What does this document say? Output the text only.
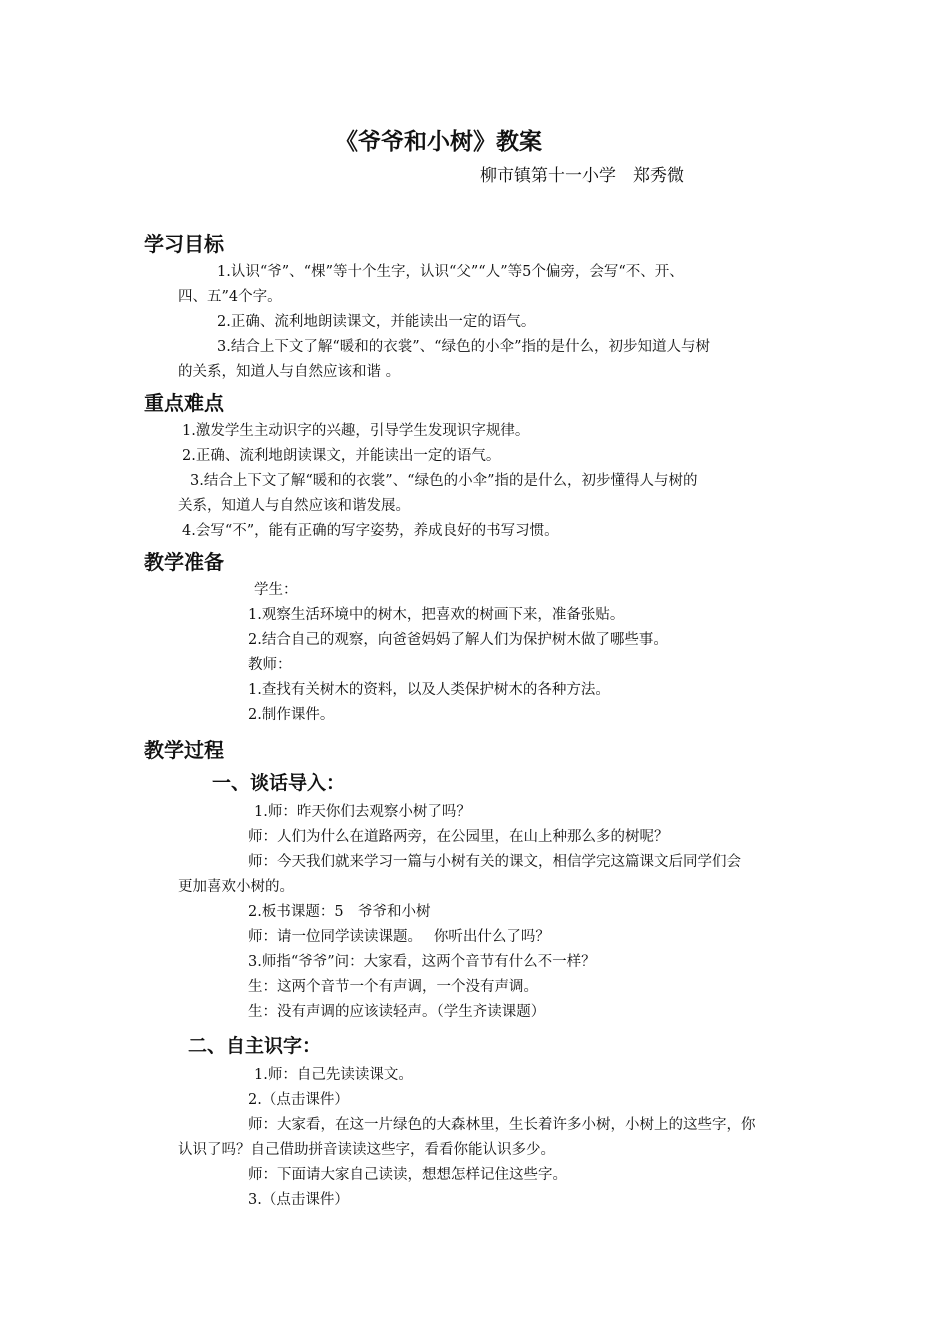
《爷爷和小树》教案
柳市镇第十一小学　郑秀微
学习目标
1.认识“爷”、“棵”等十个生字，认识“父”“人”等5个偏旁，会写“不、开、
四、五”4个字。
2.正确、流利地朗读课文，并能读出一定的语气。
3.结合上下文了解“暖和的衣裳”、“绿色的小伞”指的是什么，初步知道人与树
的关系，知道人与自然应该和谐 。
重点难点
1.激发学生主动识字的兴趣，引导学生发现识字规律。
2.正确、流利地朗读课文，并能读出一定的语气。
3.结合上下文了解“暖和的衣裳”、“绿色的小伞”指的是什么，初步懂得人与树的
关系，知道人与自然应该和谐发展。
4.会写“不”，能有正确的写字姿势，养成良好的书写习惯。
教学准备
学生：
1.观察生活环境中的树木，把喜欢的树画下来，准备张贴。
2.结合自己的观察，向爸爸妈妈了解人们为保护树木做了哪些事。
教师：
1.查找有关树木的资料，以及人类保护树木的各种方法。
2.制作课件。
教学过程
一、谈话导入：
1.师：昨天你们去观察小树了吗？
师：人们为什么在道路两旁，在公园里，在山上种那么多的树呢？
师：今天我们就来学习一篇与小树有关的课文，相信学完这篇课文后同学们会
更加喜欢小树的。
2.板书课题：5　爷爷和小树
师：请一位同学读读课题。　 你听出什么了吗？
3.师指“爷爷”问：大家看，这两个音节有什么不一样？
生：这两个音节一个有声调，一个没有声调。
生：没有声调的应该读轻声。（学生齐读课题）
二、自主识字：
1.师：自己先读读课文。
2.（点击课件）
师：大家看，在这一片绿色的大森林里，生长着许多小树，小树上的这些字，你
认识了吗？自己借助拼音读读这些字，看看你能认识多少。
师：下面请大家自己读读，想想怎样记住这些字。
3.（点击课件）
